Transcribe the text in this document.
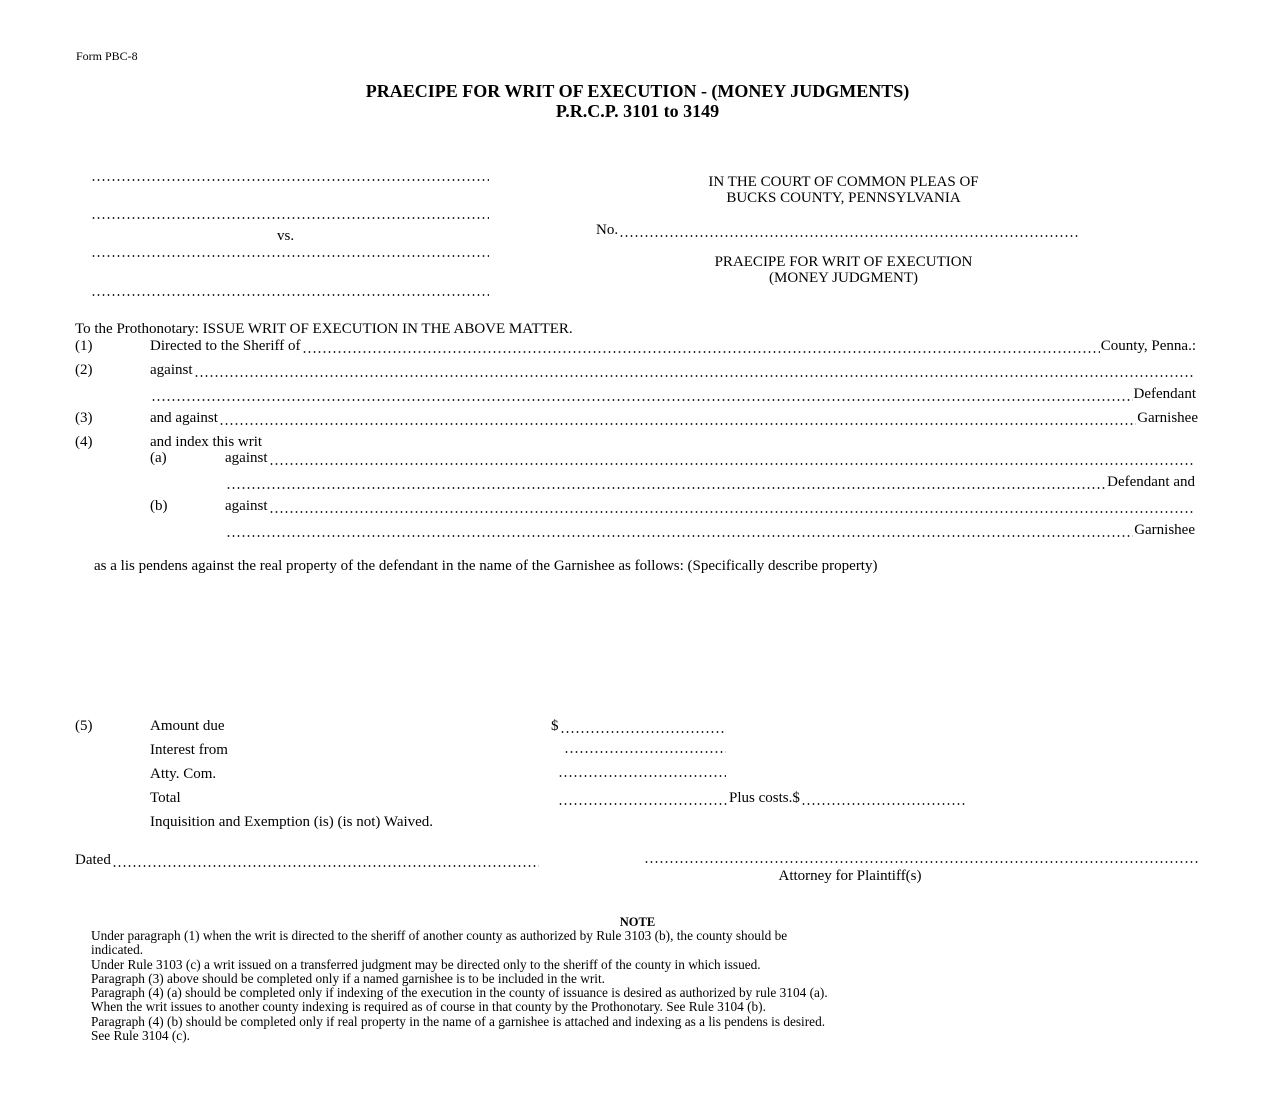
Form PBC-8
PRAECIPE FOR WRIT OF EXECUTION - (MONEY JUDGMENTS)
P.R.C.P. 3101 to 3149
vs.
IN THE COURT OF COMMON PLEAS OF
BUCKS COUNTY, PENNSYLVANIA
No.
PRAECIPE FOR WRIT OF EXECUTION
(MONEY JUDGMENT)
To the Prothonotary: ISSUE WRIT OF EXECUTION IN THE ABOVE MATTER.
(1)	Directed to the Sheriff of	County, Penna.:
(2)	against
Defendant
(3)	and against	Garnishee
(4)	and index this writ
(a)	against
Defendant and
(b)	against
Garnishee
as a lis pendens against the real property of the defendant in the name of the Garnishee as follows: (Specifically describe property)
(5)	Amount due	$
Interest from
Atty. Com.
Total	Plus costs.$
Inquisition and Exemption (is) (is not) Waived.
Dated
Attorney for Plaintiff(s)
NOTE
Under paragraph (1) when the writ is directed to the sheriff of another county as authorized by Rule 3103 (b), the county should be
indicated.
Under Rule 3103 (c) a writ issued on a transferred judgment may be directed only to the sheriff of the county in which issued.
Paragraph (3) above should be completed only if a named garnishee is to be included in the writ.
Paragraph (4) (a) should be completed only if indexing of the execution in the county of issuance is desired as authorized by rule 3104 (a).
When the writ issues to another county indexing is required as of course in that county by the Prothonotary. See Rule 3104 (b).
Paragraph (4) (b) should be completed only if real property in the name of a garnishee is attached and indexing as a lis pendens is desired.
See Rule 3104 (c).
